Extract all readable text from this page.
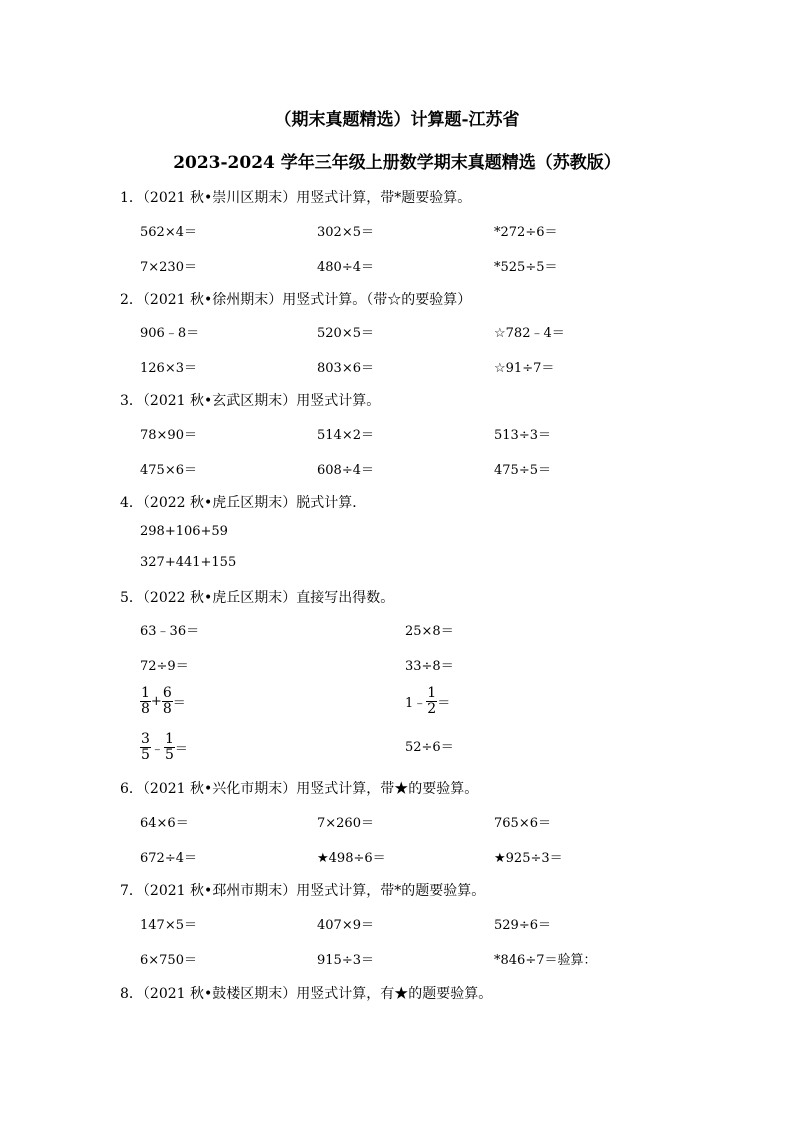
（期末真题精选）计算题-江苏省
2023-2024 学年三年级上册数学期末真题精选（苏教版）
1．（2021 秋•崇川区期末）用竖式计算，带*题要验算。
562×4＝	302×5＝	*272÷6＝
7×230＝	480÷4＝	*525÷5＝
2．（2021 秋•徐州期末）用竖式计算。（带☆的要验算）
906﹣8＝	520×5＝	☆782﹣4＝
126×3＝	803×6＝	☆91÷7＝
3．（2021 秋•玄武区期末）用竖式计算。
78×90＝	514×2＝	513÷3＝
475×6＝	608÷4＝	475÷5＝
4．（2022 秋•虎丘区期末）脱式计算．
298+106+59
327+441+155
5．（2022 秋•虎丘区期末）直接写出得数。
63﹣36＝	25×8＝
72÷9＝	33÷8＝
$\frac{1}{8} + \frac{6}{8}$ ＝	1﹣ $\frac{1}{2}$ ＝
$\frac{3}{5}$ ﹣ $\frac{1}{5}$ ＝	52÷6＝
6．（2021 秋•兴化市期末）用竖式计算，带★的要验算。
64×6＝	7×260＝	765×6＝
672÷4＝	★498÷6＝	★925÷3＝
7．（2021 秋•邳州市期末）用竖式计算，带*的题要验算。
147×5＝	407×9＝	529÷6＝
6×750＝	915÷3＝	*846÷7＝验算：
8．（2021 秋•鼓楼区期末）用竖式计算，有★的题要验算。
